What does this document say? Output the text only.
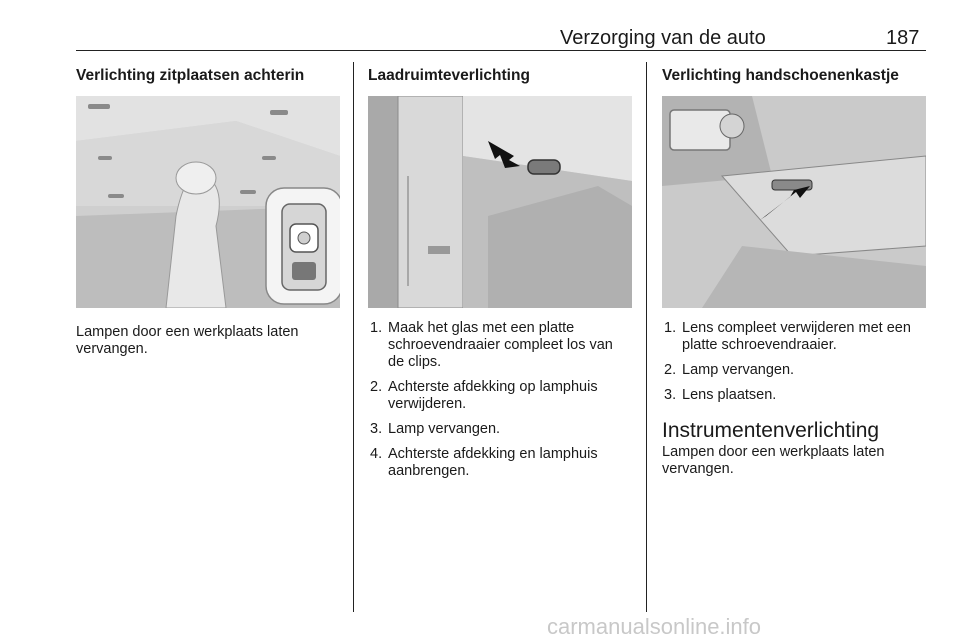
Verzorging van de auto	187
Verlichting zitplaatsen achterin
Lampen door een werkplaats laten vervangen.
Laadruimteverlichting
1. Maak het glas met een platte schroevendraaier compleet los van de clips.
2. Achterste afdekking op lamphuis verwijderen.
3. Lamp vervangen.
4. Achterste afdekking en lamphuis aanbrengen.
Verlichting handschoenenkastje
1. Lens compleet verwijderen met een platte schroevendraaier.
2. Lamp vervangen.
3. Lens plaatsen.
Instrumentenverlichting
Lampen door een werkplaats laten vervangen.
carmanualsonline.info
